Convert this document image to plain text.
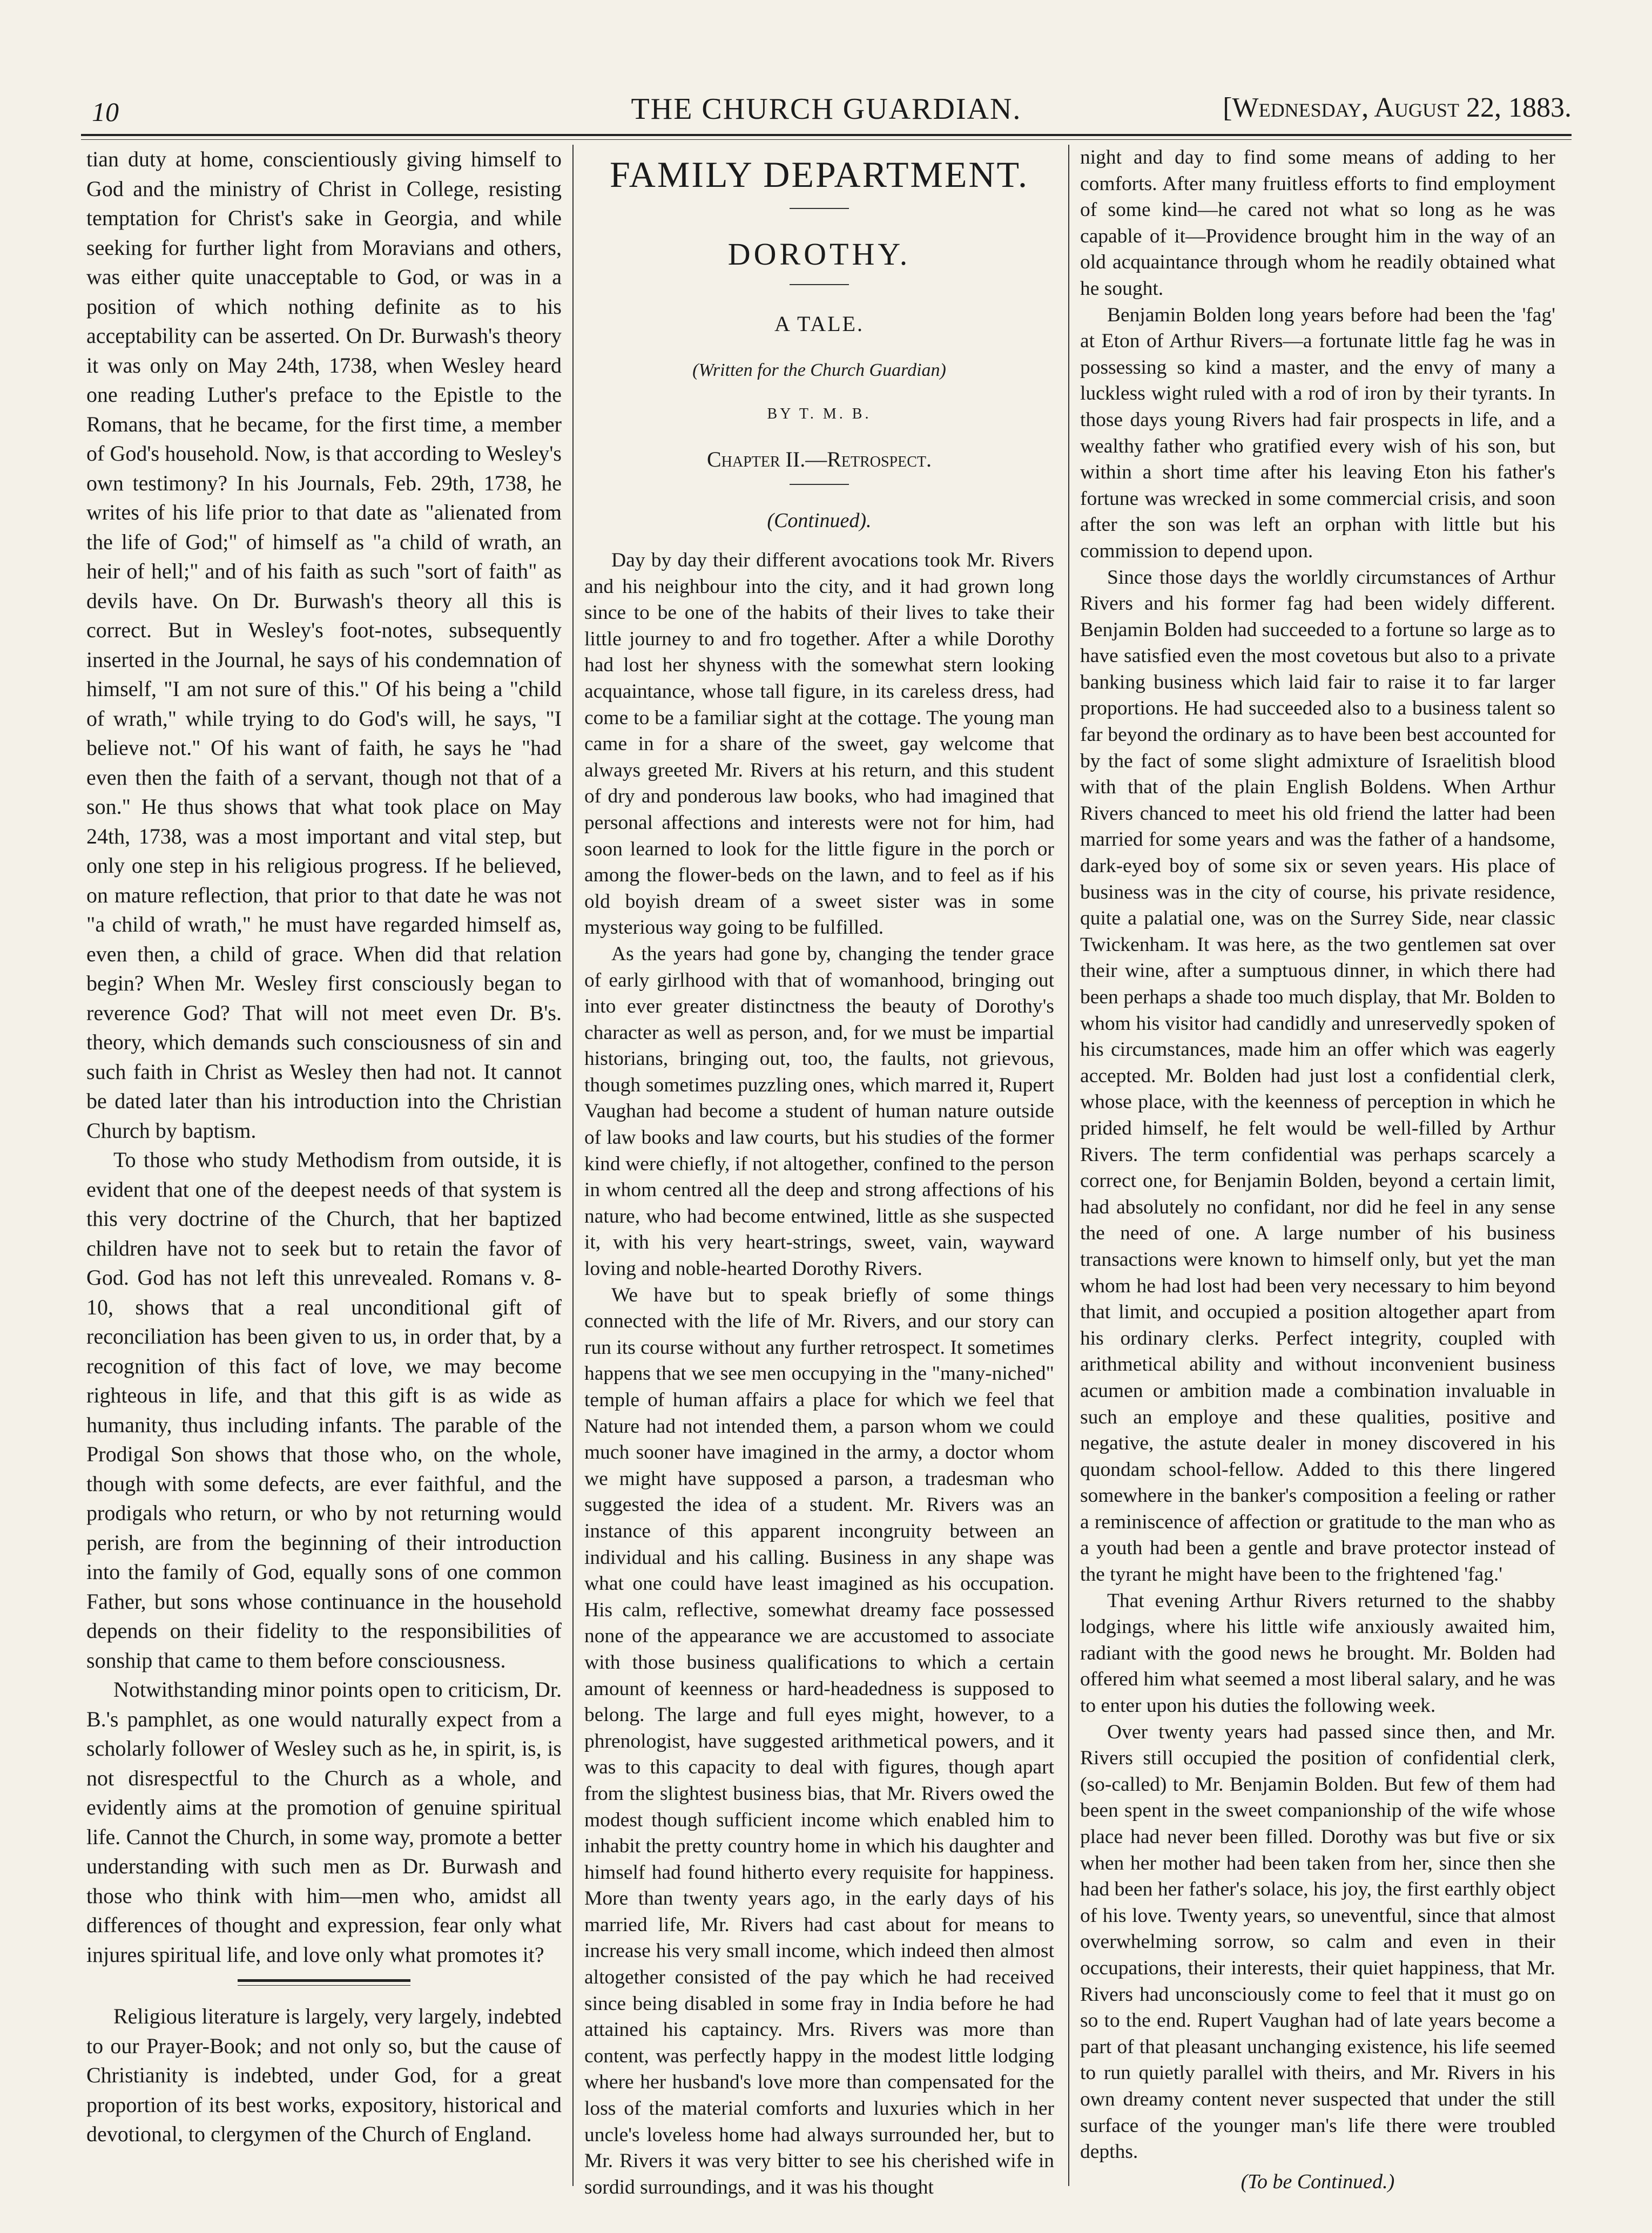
10	THE CHURCH GUARDIAN.	[Wednesday, August 22, 1883.

tian duty at home, conscientiously giving himself to God and the ministry of Christ in College, resisting temptation for Christ's sake in Georgia, and while seeking for further light from Moravians and others, was either quite unacceptable to God, or was in a position of which nothing definite as to his acceptability can be asserted. On Dr. Burwash's theory it was only on May 24th, 1738, when Wesley heard one reading Luther's preface to the Epistle to the Romans, that he became, for the first time, a member of God's household. Now, is that according to Wesley's own testimony? In his Journals, Feb. 29th, 1738, he writes of his life prior to that date as "alienated from the life of God;" of himself as "a child of wrath, an heir of hell;" and of his faith as such "sort of faith" as devils have. On Dr. Burwash's theory all this is correct. But in Wesley's foot-notes, subsequently inserted in the Journal, he says of his condemnation of himself, "I am not sure of this." Of his being a "child of wrath," while trying to do God's will, he says, "I believe not." Of his want of faith, he says he "had even then the faith of a servant, though not that of a son." He thus shows that what took place on May 24th, 1738, was a most important and vital step, but only one step in his religious progress. If he believed, on mature reflection, that prior to that date he was not "a child of wrath," he must have regarded himself as, even then, a child of grace. When did that relation begin? When Mr. Wesley first consciously began to reverence God? That will not meet even Dr. B's. theory, which demands such consciousness of sin and such faith in Christ as Wesley then had not. It cannot be dated later than his introduction into the Christian Church by baptism.

To those who study Methodism from outside, it is evident that one of the deepest needs of that system is this very doctrine of the Church, that her baptized children have not to seek but to retain the favor of God. God has not left this unrevealed. Romans v. 8-10, shows that a real unconditional gift of reconciliation has been given to us, in order that, by a recognition of this fact of love, we may become righteous in life, and that this gift is as wide as humanity, thus including infants. The parable of the Prodigal Son shows that those who, on the whole, though with some defects, are ever faithful, and the prodigals who return, or who by not returning would perish, are from the beginning of their introduction into the family of God, equally sons of one common Father, but sons whose continuance in the household depends on their fidelity to the responsibilities of sonship that came to them before consciousness.

Notwithstanding minor points open to criticism, Dr. B.'s pamphlet, as one would naturally expect from a scholarly follower of Wesley such as he, in spirit, is, is not disrespectful to the Church as a whole, and evidently aims at the promotion of genuine spiritual life. Cannot the Church, in some way, promote a better understanding with such men as Dr. Burwash and those who think with him—men who, amidst all differences of thought and expression, fear only what injures spiritual life, and love only what promotes it?

Religious literature is largely, very largely, indebted to our Prayer-Book; and not only so, but the cause of Christianity is indebted, under God, for a great proportion of its best works, expository, historical and devotional, to clergymen of the Church of England.

FAMILY DEPARTMENT.
DOROTHY.
A TALE.
(Written for the Church Guardian)
BY T. M. B.
Chapter II.—Retrospect.
(Continued).

Day by day their different avocations took Mr. Rivers and his neighbour into the city, and it had grown long since to be one of the habits of their lives to take their little journey to and fro together. After a while Dorothy had lost her shyness with the somewhat stern looking acquaintance, whose tall figure, in its careless dress, had come to be a familiar sight at the cottage. The young man came in for a share of the sweet, gay welcome that always greeted Mr. Rivers at his return, and this student of dry and ponderous law books, who had imagined that personal affections and interests were not for him, had soon learned to look for the little figure in the porch or among the flower-beds on the lawn, and to feel as if his old boyish dream of a sweet sister was in some mysterious way going to be fulfilled.

As the years had gone by, changing the tender grace of early girlhood with that of womanhood, bringing out into ever greater distinctness the beauty of Dorothy's character as well as person, and, for we must be impartial historians, bringing out, too, the faults, not grievous, though sometimes puzzling ones, which marred it, Rupert Vaughan had become a student of human nature outside of law books and law courts, but his studies of the former kind were chiefly, if not altogether, confined to the person in whom centred all the deep and strong affections of his nature, who had become entwined, little as she suspected it, with his very heart-strings, sweet, vain, wayward loving and noble-hearted Dorothy Rivers.

We have but to speak briefly of some things connected with the life of Mr. Rivers, and our story can run its course without any further retrospect. It sometimes happens that we see men occupying in the "many-niched" temple of human affairs a place for which we feel that Nature had not intended them, a parson whom we could much sooner have imagined in the army, a doctor whom we might have supposed a parson, a tradesman who suggested the idea of a student. Mr. Rivers was an instance of this apparent incongruity between an individual and his calling. Business in any shape was what one could have least imagined as his occupation. His calm, reflective, somewhat dreamy face possessed none of the appearance we are accustomed to associate with those business qualifications to which a certain amount of keenness or hard-headedness is supposed to belong. The large and full eyes might, however, to a phrenologist, have suggested arithmetical powers, and it was to this capacity to deal with figures, though apart from the slightest business bias, that Mr. Rivers owed the modest though sufficient income which enabled him to inhabit the pretty country home in which his daughter and himself had found hitherto every requisite for happiness. More than twenty years ago, in the early days of his married life, Mr. Rivers had cast about for means to increase his very small income, which indeed then almost altogether consisted of the pay which he had received since being disabled in some fray in India before he had attained his captaincy. Mrs. Rivers was more than content, was perfectly happy in the modest little lodging where her husband's love more than compensated for the loss of the material comforts and luxuries which in her uncle's loveless home had always surrounded her, but to Mr. Rivers it was very bitter to see his cherished wife in sordid surroundings, and it was his thought

night and day to find some means of adding to her comforts. After many fruitless efforts to find employment of some kind—he cared not what so long as he was capable of it—Providence brought him in the way of an old acquaintance through whom he readily obtained what he sought.

Benjamin Bolden long years before had been the 'fag' at Eton of Arthur Rivers—a fortunate little fag he was in possessing so kind a master, and the envy of many a luckless wight ruled with a rod of iron by their tyrants. In those days young Rivers had fair prospects in life, and a wealthy father who gratified every wish of his son, but within a short time after his leaving Eton his father's fortune was wrecked in some commercial crisis, and soon after the son was left an orphan with little but his commission to depend upon.

Since those days the worldly circumstances of Arthur Rivers and his former fag had been widely different. Benjamin Bolden had succeeded to a fortune so large as to have satisfied even the most covetous but also to a private banking business which laid fair to raise it to far larger proportions. He had succeeded also to a business talent so far beyond the ordinary as to have been best accounted for by the fact of some slight admixture of Israelitish blood with that of the plain English Boldens. When Arthur Rivers chanced to meet his old friend the latter had been married for some years and was the father of a handsome, dark-eyed boy of some six or seven years. His place of business was in the city of course, his private residence, quite a palatial one, was on the Surrey Side, near classic Twickenham. It was here, as the two gentlemen sat over their wine, after a sumptuous dinner, in which there had been perhaps a shade too much display, that Mr. Bolden to whom his visitor had candidly and unreservedly spoken of his circumstances, made him an offer which was eagerly accepted. Mr. Bolden had just lost a confidential clerk, whose place, with the keenness of perception in which he prided himself, he felt would be well-filled by Arthur Rivers. The term confidential was perhaps scarcely a correct one, for Benjamin Bolden, beyond a certain limit, had absolutely no confidant, nor did he feel in any sense the need of one. A large number of his business transactions were known to himself only, but yet the man whom he had lost had been very necessary to him beyond that limit, and occupied a position altogether apart from his ordinary clerks. Perfect integrity, coupled with arithmetical ability and without inconvenient business acumen or ambition made a combination invaluable in such an employe and these qualities, positive and negative, the astute dealer in money discovered in his quondam school-fellow. Added to this there lingered somewhere in the banker's composition a feeling or rather a reminiscence of affection or gratitude to the man who as a youth had been a gentle and brave protector instead of the tyrant he might have been to the frightened 'fag.'

That evening Arthur Rivers returned to the shabby lodgings, where his little wife anxiously awaited him, radiant with the good news he brought. Mr. Bolden had offered him what seemed a most liberal salary, and he was to enter upon his duties the following week.

Over twenty years had passed since then, and Mr. Rivers still occupied the position of confidential clerk, (so-called) to Mr. Benjamin Bolden. But few of them had been spent in the sweet companionship of the wife whose place had never been filled. Dorothy was but five or six when her mother had been taken from her, since then she had been her father's solace, his joy, the first earthly object of his love. Twenty years, so uneventful, since that almost overwhelming sorrow, so calm and even in their occupations, their interests, their quiet happiness, that Mr. Rivers had unconsciously come to feel that it must go on so to the end. Rupert Vaughan had of late years become a part of that pleasant unchanging existence, his life seemed to run quietly parallel with theirs, and Mr. Rivers in his own dreamy content never suspected that under the still surface of the younger man's life there were troubled depths.

(To be Continued.)
